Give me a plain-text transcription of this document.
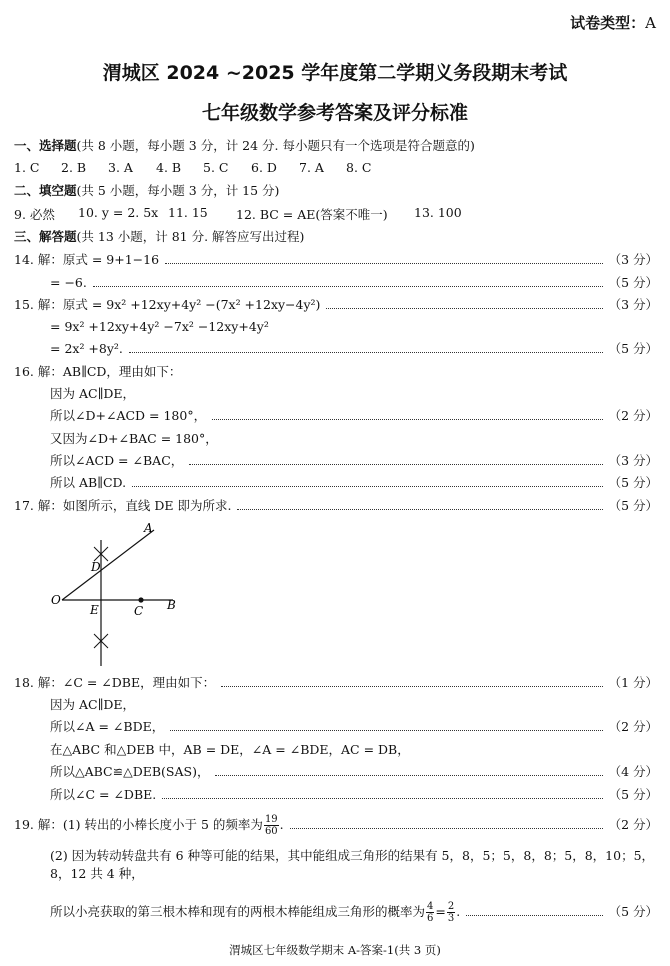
试卷类型：A
渭城区 2024 ~2025 学年度第二学期义务段期末考试
七年级数学参考答案及评分标准
一、选择题(共 8 小题，每小题 3 分，计 24 分. 每小题只有一个选项是符合题意的)
1. C 2. B 3. A 4. B 5. C 6. D 7. A 8. C
二、填空题(共 5 小题，每小题 3 分，计 15 分)
9. 必然 10. y = 2. 5x 11. 15 12. BC = AE(答案不唯一) 13. 100
三、解答题(共 13 小题，计 81 分. 解答应写出过程)
14. 解：原式 = 9+1−16	（3 分）
= −6.	（5 分）
15. 解：原式 = 9x² +12xy+4y² −(7x² +12xy−4y²)	（3 分）
= 9x² +12xy+4y² −7x² −12xy+4y²
= 2x² +8y².	（5 分）
16. 解：AB∥CD，理由如下：
因为 AC∥DE，
所以∠D+∠ACD = 180°，	（2 分）
又因为∠D+∠BAC = 180°，
所以∠ACD = ∠BAC，	（3 分）
所以 AB∥CD.	（5 分）
17. 解：如图所示，直线 DE 即为所求.	（5 分）
A
D
O
E	C B
18. 解：∠C = ∠DBE，理由如下：	（1 分）
因为 AC∥DE，
所以∠A = ∠BDE，	（2 分）
在△ABC 和△DEB 中，AB = DE，∠A = ∠BDE，AC = DB，
所以△ABC≌△DEB(SAS)，	（4 分）
所以∠C = ∠DBE.	（5 分）
19. 解：(1) 转出的小棒长度小于 5 的频率为 $\frac{19}{60}$ .	（2 分）
(2) 因为转动转盘共有 6 种等可能的结果，其中能组成三角形的结果有 5，8，5；5，8，8；5，8，10；5，8，12 共 4 种，
所以小亮获取的第三根木棒和现有的两根木棒能组成三角形的概率为 $\frac{4}{6} = \frac{2}{3}$ .	（5 分）
渭城区七年级数学期末 A-答案-1(共 3 页)
